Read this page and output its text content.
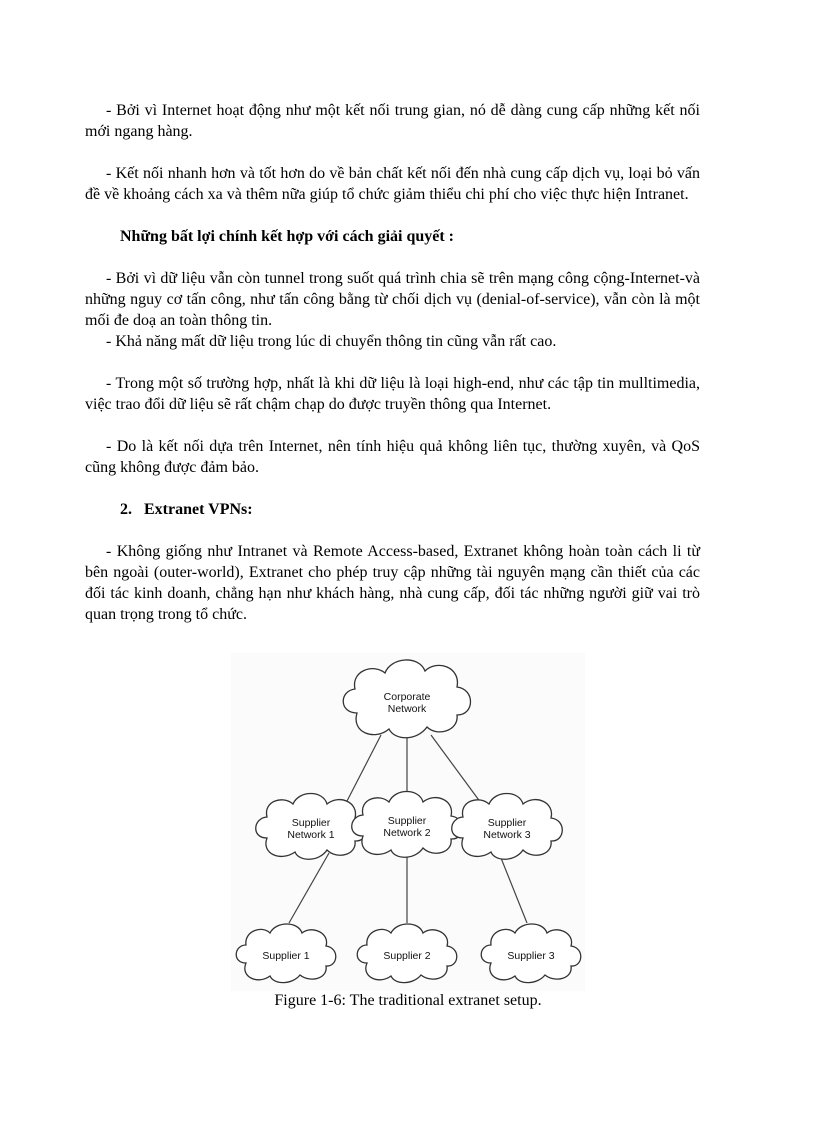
- Bởi vì Internet hoạt động như một kết nối trung gian, nó dễ dàng cung cấp những kết nối mới ngang hàng.

- Kết nối nhanh hơn và tốt hơn do về bản chất kết nối đến nhà cung cấp dịch vụ, loại bỏ vấn đề về khoảng cách xa và thêm nữa giúp tổ chức giảm thiểu chi phí cho việc thực hiện Intranet.

Những bất lợi chính kết hợp với cách giải quyết :

- Bởi vì dữ liệu vẫn còn tunnel trong suốt quá trình chia sẽ trên mạng công cộng-Internet-và những nguy cơ tấn công, như tấn công bằng từ chối dịch vụ (denial-of-service), vẫn còn là một mối đe doạ an toàn thông tin.

- Khả năng mất dữ liệu trong lúc di chuyển thông tin cũng vẫn rất cao.

- Trong một số trường hợp, nhất là khi dữ liệu là loại high-end, như các tập tin mulltimedia, việc trao đổi dữ liệu sẽ rất chậm chạp do được truyền thông qua Internet.

- Do là kết nối dựa trên Internet, nên tính hiệu quả không liên tục, thường xuyên, và QoS cũng không được đảm bảo.

2. Extranet VPNs:

- Không giống như Intranet và Remote Access-based, Extranet không hoàn toàn cách li từ bên ngoài (outer-world), Extranet cho phép truy cập những tài nguyên mạng cần thiết của các đối tác kinh doanh, chẳng hạn như khách hàng, nhà cung cấp, đối tác những người giữ vai trò quan trọng trong tổ chức.

Corporate
Network
Supplier
Network 1
Supplier
Network 2
Supplier
Network 3
Supplier 1	Supplier 2	Supplier 3
Figure 1-6: The traditional extranet setup.
